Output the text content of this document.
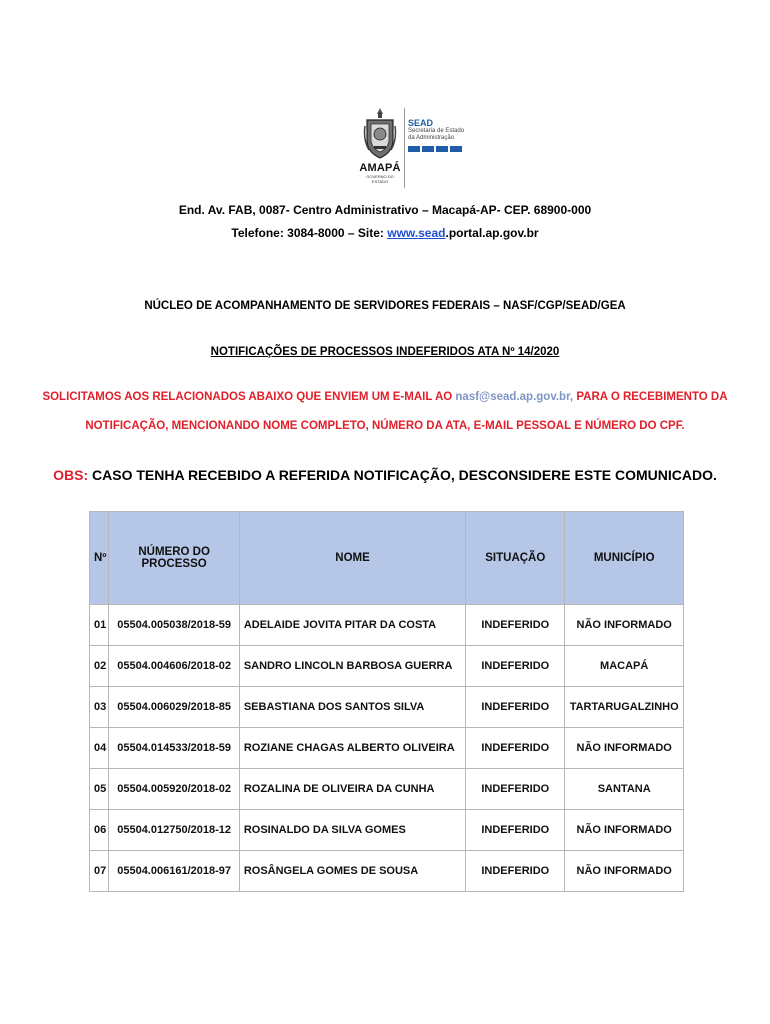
AMAPÁ
GOVERNO DO ESTADO
SEAD
Secretaria de Estado
da Administração
End. Av. FAB, 0087- Centro Administrativo – Macapá-AP- CEP. 68900-000
Telefone: 3084-8000 – Site: www.sead.portal.ap.gov.br
NÚCLEO DE ACOMPANHAMENTO DE SERVIDORES FEDERAIS – NASF/CGP/SEAD/GEA
NOTIFICAÇÕES DE PROCESSOS INDEFERIDOS ATA Nº 14/2020
SOLICITAMOS AOS RELACIONADOS ABAIXO QUE ENVIEM UM E-MAIL AO nasf@sead.ap.gov.br, PARA O RECEBIMENTO DA
NOTIFICAÇÃO, MENCIONANDO NOME COMPLETO, NÚMERO DA ATA, E-MAIL PESSOAL E NÚMERO DO CPF.
OBS: CASO TENHA RECEBIDO A REFERIDA NOTIFICAÇÃO, DESCONSIDERE ESTE COMUNICADO.
Nº	NÚMERO DO PROCESSO	NOME	SITUAÇÃO	MUNICÍPIO
01	05504.005038/2018-59	ADELAIDE JOVITA PITAR DA COSTA	INDEFERIDO	NÃO INFORMADO
02	05504.004606/2018-02	SANDRO LINCOLN BARBOSA GUERRA	INDEFERIDO	MACAPÁ
03	05504.006029/2018-85	SEBASTIANA DOS SANTOS SILVA	INDEFERIDO	TARTARUGALZINHO
04	05504.014533/2018-59	ROZIANE CHAGAS ALBERTO OLIVEIRA	INDEFERIDO	NÃO INFORMADO
05	05504.005920/2018-02	ROZALINA DE OLIVEIRA DA CUNHA	INDEFERIDO	SANTANA
06	05504.012750/2018-12	ROSINALDO DA SILVA GOMES	INDEFERIDO	NÃO INFORMADO
07	05504.006161/2018-97	ROSÂNGELA GOMES DE SOUSA	INDEFERIDO	NÃO INFORMADO
